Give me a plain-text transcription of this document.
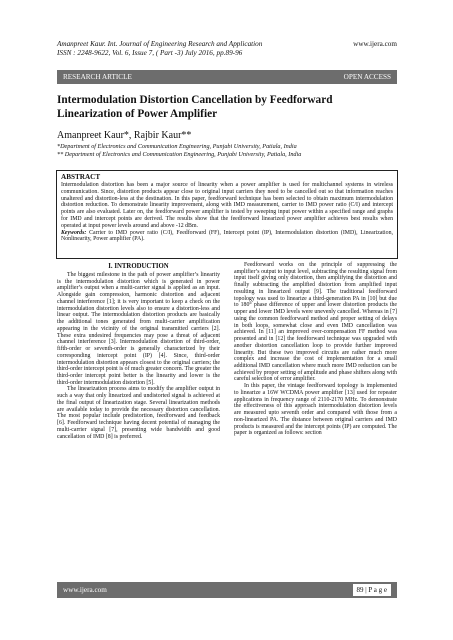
Amanpreet Kaur. Int. Journal of Engineering Research and Application	www.ijera.com
ISSN : 2248-9622, Vol. 6, Issue 7, ( Part -3) July 2016, pp.89-96
RESEARCH ARTICLE	OPEN ACCESS
Intermodulation Distortion Cancellation by Feedforward Linearization of Power Amplifier
Amanpreet Kaur*, Rajbir Kaur**
*Department of Electronics and Communication Engineering, Punjabi University, Patiala, India
** Department of Electronics and Communication Engineering, Punjabi University, Patiala, India
ABSTRACT

Intermodulation distortion has been a major source of linearity when a power amplifier is used for multichannel systems in wireless communication. Since, distortion products appear close to original input carriers they need to be cancelled out so that information reaches unaltered and distortion-less at the destination. In this paper, feedforward technique has been selected to obtain maximum intermodulation distortion reduction. To demonstrate linearity improvement, along with IMD measurement, carrier to IMD power ratio (C/I) and intercept points are also evaluated. Later on, the feedforward power amplifier is tested by sweeping input power within a specified range and graphs for IMD and intercept points are derived. The results show that the feedforward linearized power amplifier achieves best results when operated at input power levels around and above -12 dBm.

Keywords: Carrier to IMD power ratio (C/I), Feedforward (FF), Intercept point (IP), Intermodulation distortion (IMD), Linearization, Nonlinearity, Power amplifier (PA).

I. INTRODUCTION

The biggest milestone in the path of power amplifier’s linearity is the intermodulation distortion which is generated in power amplifier’s output when a multi-carrier signal is applied as an input. Alongside gain compression, harmonic distortion and adjacent channel interference [1]; it is very important to keep a check on the intermodulation distortion levels also to ensure a distortion-less and linear output. The intermodulation distortion products are basically the additional tones generated from multi-carrier amplification appearing in the vicinity of the original transmitted carriers [2]. These extra undesired frequencies may pose a threat of adjacent channel interference [3]. Intermodulation distortion of third-order, fifth-order or seventh-order is generally characterized by their corresponding intercept point (IP) [4]. Since, third-order intermodulation distortion appears closest to the original carriers; the third-order intercept point is of much greater concern. The greater the third-order intercept point better is the linearity and lower is the third-order intermodulation distortion [5].

The linearization process aims to modify the amplifier output in such a way that only linearized and undistorted signal is achieved at the final output of linearization stage. Several linearization methods are available today to provide the necessary distortion cancellation. The most popular include predistortion, feedforward and feedback [6]. Feedforward technique having decent potential of managing the multi-carrier signal [7], presenting wide bandwidth and good cancellation of IMD [8] is preferred.

Feedforward works on the principle of suppressing the amplifier’s output to input level, subtracting the resulting signal from input itself giving only distortion, then amplifying the distortion and finally subtracting the amplified distortion from amplified input resulting in linearized output [9]. The traditional feedforward topology was used to linearize a third-generation PA in [10] but due to 180° phase difference of upper and lower distortion products the upper and lower IMD levels were unevenly cancelled. Whereas in [7] using the common feedforward method and proper setting of delays in both loops, somewhat close and even IMD cancellation was achieved. In [11] an improved over-compensation FF method was presented and in [12] the feedforward technique was upgraded with another distortion cancellation loop to provide further improved linearity. But these two improved circuits are rather much more complex and increase the cost of implementation for a small additional IMD cancellation where much more IMD reduction can be achieved by proper setting of amplitude and phase shifters along with careful selection of error amplifier.

In this paper, the vintage feedforward topology is implemented to linearize a 16W WCDMA power amplifier [13] used for repeater applications in frequency range of 2110-2170 MHz. To demonstrate the effectiveness of this approach intermodulation distortion levels are measured upto seventh order and compared with those from a non-linearized PA. The distance between original carriers and IMD products is measured and the intercept points (IP) are computed. The paper is organized as follows: section

www.ijera.com	89 | P a g e
